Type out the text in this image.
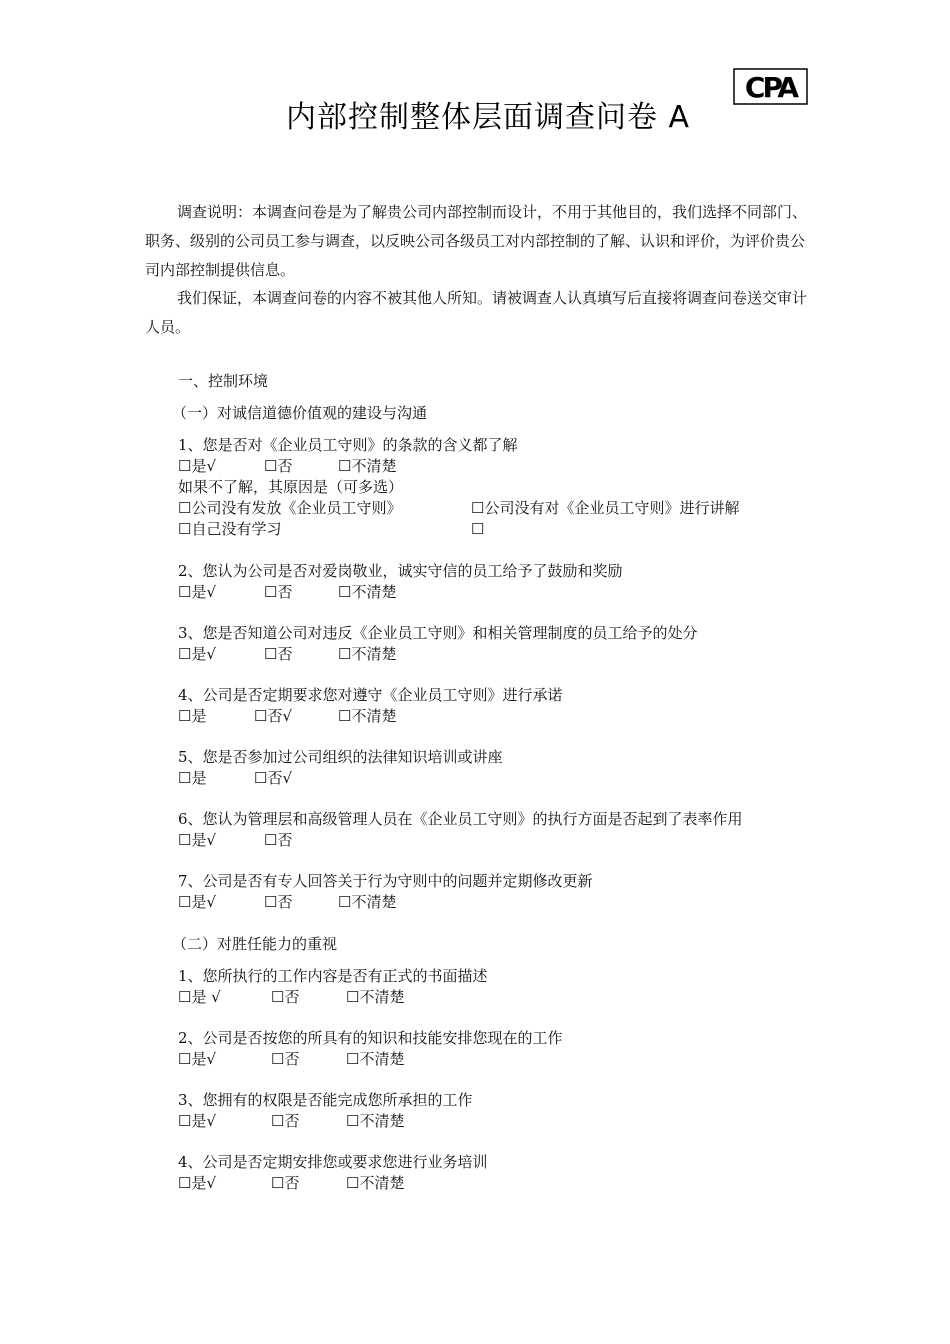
内部控制整体层面调查问卷 A
CPA
调查说明：本调查问卷是为了解贵公司内部控制而设计，不用于其他目的，我们选择不同部门、职务、级别的公司员工参与调查，以反映公司各级员工对内部控制的了解、认识和评价，为评价贵公司内部控制提供信息。
我们保证，本调查问卷的内容不被其他人所知。请被调查人认真填写后直接将调查问卷送交审计人员。
一、控制环境
（一）对诚信道德价值观的建设与沟通
1、您是否对《企业员工守则》的条款的含义都了解
☐是√	☐否	☐不清楚
如果不了解，其原因是（可多选）
☐公司没有发放《企业员工守则》	☐公司没有对《企业员工守则》进行讲解
☐自己没有学习	☐
2、您认为公司是否对爱岗敬业，诚实守信的员工给予了鼓励和奖励
☐是√	☐否	☐不清楚
3、您是否知道公司对违反《企业员工守则》和相关管理制度的员工给予的处分
☐是√	☐否	☐不清楚
4、公司是否定期要求您对遵守《企业员工守则》进行承诺
☐是	☐否√	☐不清楚
5、您是否参加过公司组织的法律知识培训或讲座
☐是	☐否√
6、您认为管理层和高级管理人员在《企业员工守则》的执行方面是否起到了表率作用
☐是√	☐否
7、公司是否有专人回答关于行为守则中的问题并定期修改更新
☐是√	☐否	☐不清楚
（二）对胜任能力的重视
1、您所执行的工作内容是否有正式的书面描述
☐是 √	☐否	☐不清楚
2、公司是否按您的所具有的知识和技能安排您现在的工作
☐是√	☐否	☐不清楚
3、您拥有的权限是否能完成您所承担的工作
☐是√	☐否	☐不清楚
4、公司是否定期安排您或要求您进行业务培训
☐是√	☐否	☐不清楚
